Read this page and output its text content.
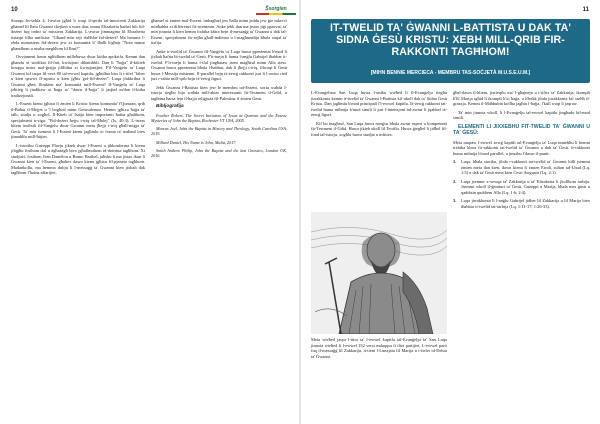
10	Ŝsorgien

Soraqu fis-sekla 4, l-awtur jgħid li waqt il-qerda tal-innoċenti Zakkarija għamel lil Ibnu Ġwanni ċkejken u wara dan, omnu Elizabetta ħarbet bih fid-deżert fuq ordni ta' missieru Zakkarija. L-awtur jimmagina lil Elizabetta tistaqsi lilha nnifisha: "Għand min sejt tfaħħlar fid-deżert? Ma hemmx l-ebda monasteru fid-deżert jew xi komunità li' tħalli b'għajr "Nota mmur għandhom u nistħa meghħom lil Ibni?"

Ovvjament hawn ngħidhom milleħuwa dwar kittba apokrifa. Kemm dan għandu xi sinifikat fil-fatt, kwistjoni dibattibbli. Dan li "ħajja" il-kittieb bosqqu tmiss mal-ġrajja jiftħilna xi kwistjonijiet. F'il-Vanġelu ta' Luqa Ġwanni kif taqra fil-verż 80 tal-ewwel kapitlu, jgħidlna biss li t-tifel "kiber u kien qawwi fl-ispirtu u kien jgħix ġol-fid-deżert". Luqa jfakkrilna li Ġwanni għex flimkien ma' komunità mill-Esseni? Il-Vanġelu ta' Luqa jeħtieġ li jindikaw xi ħaġa ta' "dawn il-ħajja" li jaqbel m'dan il-kitba tradizzjonali.

L-Esseni kienu jgħixu fi żmien li Kristu: kienu komunita' f'Qumran, qrib il-Baħar il-Mejjet u 'l bogħod minn Ġerusalemm. Hemm jgħixu ħajja ta' talb, studju u xogħol. Il-Ktieb ta' Isaija kien importanti ħafna għalihom, speċjalment ir-riga: "Fid-deżert ħejju t-triq tal-Mulej" (Is. 40:3). L-istess kliem insibuh fil-Vanġelu dwar Ġwanni meta jħejji t-triq għall-miġja ta' Ġesù. Ta' min isemmi li l-Esseni kienu jagħmlu xi forma ta' maħsul biex jitnaddfu mill-ħtijiet.

L-istoriku Ġużeppi Flavju jikteb dwar l-Esseni u jikkonferma li kienu jilqgħu fosthom tfal u żgħażagħ biex jgħallmuhom id-dottrina tagħhom. Xi studjużi, fosthom Jean Daniélou u Bruno Barthel, jaħsbu li ma jistax ikun li Ġwanni kien ta' l-Esseni, għaliex dawn kienu jgħixu fil-pjaneta tagħhom. Madankollu, ma hemmx dubju li l-messaġġ ta' Ġwanni kien jixbah dak tagħhom f'ħafna affarijiet.

għamel xi żmien mal-Esseni, imbagħad jew ħalla minn jeddu jew ġie mkeċċi minħabba xi differenzi fit-twemmin. Anke jekk dan ma jistax jiġi ppruvat, ta' min jinnota li kien hemm tixbiha kbira bejn il-messaġġ ta' Ġwanni u dak tal-Esseni, speċjalment fis-sejħa għall-indiema u l-magħmudija bħala sinjal ta' tisfija.

Anke it-twelid ta' Ġwanni fil-Vanġelu ta' Luqa huwa ppreżentat b'mod li jixbah ħafna lit-twelid ta' Ġesù. F'it-tnejn li huma l-anġlu Gabrijel iħabbar it-twelid. F'it-tnejn li huma t-tfal jingħataw isem magħżul minn Alla stess. Ġwanni huwa ppreżentat bħala l-ħabbar, dak li jħejji t-triq, filwaqt li Ġesù huwa l-Messija mistenni. Il-parallel bejn iż-żewġ rakkonti juri li l-awtur ried juri r-rabta mill-qrib bejn iż-żewġ figuri.

Jekk Ġwanni l-Battista kien jew le membru tal-Esseni, xorta waħda l-istorja tiegħu hija waħda mill-aktar interessanti fit-Testment il-Ġdid, u tagħtina ħarsa lejn il-ħajja reliġjuża fil-Palestina fi żmien Ġesù.

Bibljografija

Feather Robert, The Secret Initiation of Jesus at Qumran and the Essene Mysteries of John the Baptist, Rochester VT USA, 2005.

Marcus Joel, John the Baptist in History and Theology, South Carolina USA, 2019.

Millard Daniel, His Name is John, Malta, 2017.

Smith Andrew Philip, John the Baptist and the last Gnostics, London UK, 2016.

11
IT-TWELID TA' ĠWANNI L-BATTISTA U DAK TA' SIDNA ĠESÙ KRISTU: XEBH MILL-QRIB FIR-RAKKONTI TAGĦHOM!
[MIHN BENNIE MERCIECA - MEMBRU TAS-SOĊJETÀ M.U.S.E.U.M.]

L-Evanġelista San Luqa huwa l-uniku wieħed li fl-Evanġelju tiegħu jirrakkonta kemm it-twelid ta' Ġwanni l-Battista kif ukoll dak ta' Sidna Ġesù Kristu. Dan jagħmlu b'mod prinċipali f'l-ewwel kapitlu. Iż-żewġ rakkonti tat-twelid huma mibnija b'mod simili li juri l-intenzjoni tal-awtur li jqabbel iż-żewġ figuri.

Kif hu magħruf, San Luqa huwa meqjus bħala awtur espert u kompetenti fit-Testment il-Ġdid. Huwa jikteb ukoll lil Teofilu. Huwa ġiegħel li jidħol fil-fond tal-istorja, xogħlu huwa studjat u mfittex.

Meta wieħed jaqra l-ittra ta' l-ewwel kapitlu tal-Evanġelju ta' San Luqa jinnota wieħed li l-ewwel 152 versi mdaqqsa fi tliet partijiet. L-ewwel parti fuq il-messaġġ lil Zakkarija, it-tieni l-Lunzjata lil Marija u t-tielet id-Dehra ta' Ġwanni.

ġħal-dawn il-kliem, jixtieqilu ma' l-għajnejn u t-tiftix ta' Zakkarija; tkompli b'lil Marija tgħid li tkompli b'xi ħaġa, u b'hekk jibda jirrakkonta kif sseħħ il-grazzja. Kemm il-Maħbubin kollha jagħtu l-ħajja, f'kull waqt li jaqraw.

Ta' min jinnota wkoll, li l-Evanġelju tal-ewwel kapitlu jingħadu bil-mod simili.

ELEMENTI LI JIXXEBHU FIT-TWELID TA' ĠWANNI U TA' ĠESÙ:

Meta naqraw l-ewwel żewġ kapitli tal-Evanġelju ta' Luqa nintebħu li hemm tixbiha kbira fir-rakkonti tat-twelid ta' Ġwanni u dak ta' Ġesù. Ir-rakkonti huma mibnija b'mod parallel, u jinsabu f'dawn il-punti:

1.	Luqa, bħala storiku, jibda r-rakkonti tat-twelid ta' Ġwanni billi jsemmi żmien meta dan kien, dawn kienu fi żmien Erodi, sultan tal-Lhud (Lq. 1:5) u dak ta' Ġesù meta kien Ċesri Awgustu (Lq. 2:1).
2.	Luqa jsemmi x-xewqa ta' Zakkarija u ta' Elizabetta li jkollhom tarbija. Jsemmi wkoll il-ġenituri ta' Ġesù, Ġużeppi u Marija, bħala nies ġusti u qaddisin quddiem Alla (Lq. 1:6; 2:4).
3.	Luqa jirrakkonta li l-anġlu Gabrijel jidher lil Zakkarija u lil Marija biex iħabbar it-twelid tat-tarbija (Lq. 1:11-17; 1:26-33).
